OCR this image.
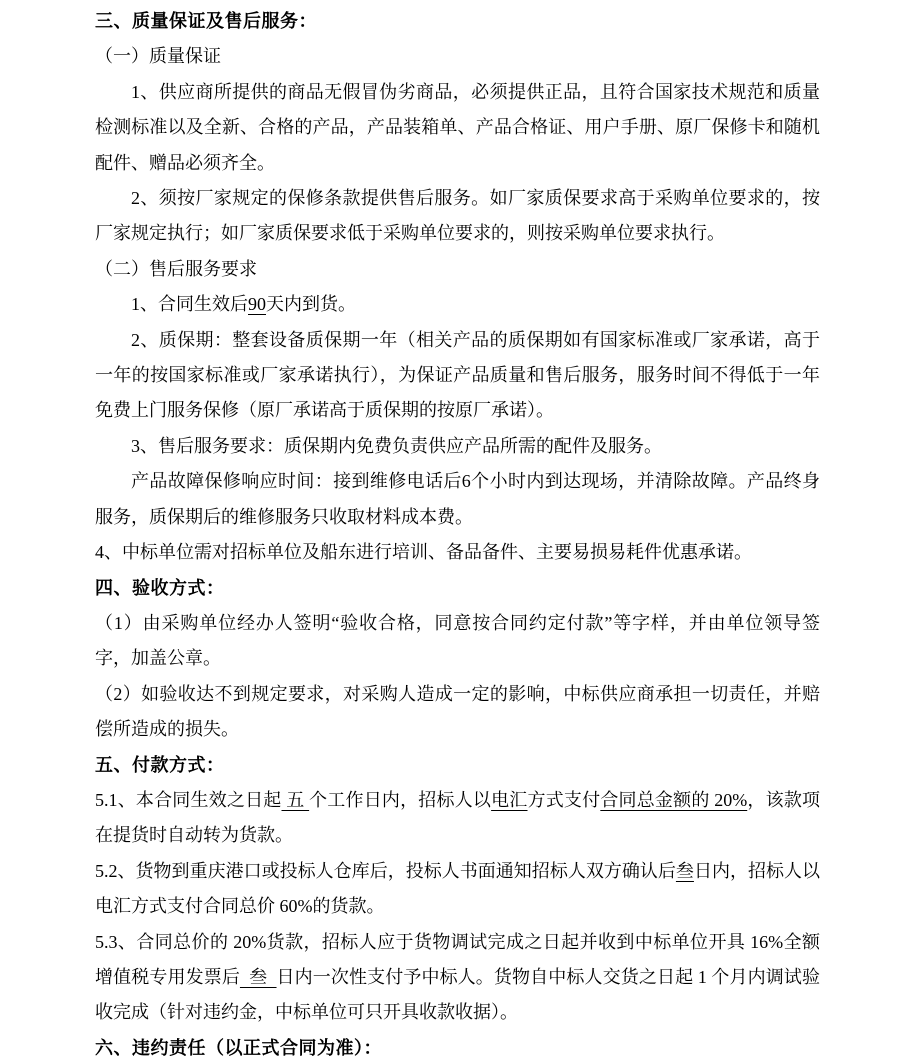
三、质量保证及售后服务：

（一）质量保证

1、供应商所提供的商品无假冒伪劣商品，必须提供正品，且符合国家技术规范和质量检测标准以及全新、合格的产品，产品装箱单、产品合格证、用户手册、原厂保修卡和随机配件、赠品必须齐全。

2、须按厂家规定的保修条款提供售后服务。如厂家质保要求高于采购单位要求的，按厂家规定执行；如厂家质保要求低于采购单位要求的，则按采购单位要求执行。

（二）售后服务要求

1、合同生效后90天内到货。

2、质保期：整套设备质保期一年（相关产品的质保期如有国家标准或厂家承诺，高于一年的按国家标准或厂家承诺执行），为保证产品质量和售后服务，服务时间不得低于一年免费上门服务保修（原厂承诺高于质保期的按原厂承诺）。

3、售后服务要求：质保期内免费负责供应产品所需的配件及服务。

产品故障保修响应时间：接到维修电话后6个小时内到达现场，并清除故障。产品终身服务，质保期后的维修服务只收取材料成本费。

4、中标单位需对招标单位及船东进行培训、备品备件、主要易损易耗件优惠承诺。

四、验收方式：

（1）由采购单位经办人签明“验收合格，同意按合同约定付款”等字样，并由单位领导签字，加盖公章。

（2）如验收达不到规定要求，对采购人造成一定的影响，中标供应商承担一切责任，并赔偿所造成的损失。

五、付款方式：

5.1、本合同生效之日起 五 个工作日内，招标人以电汇方式支付合同总金额的 20%，该款项在提货时自动转为货款。

5.2、货物到重庆港口或投标人仓库后，投标人书面通知招标人双方确认后叁日内，招标人以电汇方式支付合同总价 60%的货款。

5.3、合同总价的 20%货款，招标人应于货物调试完成之日起并收到中标单位开具 16%全额增值税专用发票后  叁  日内一次性支付予中标人。货物自中标人交货之日起 1 个月内调试验收完成（针对违约金，中标单位可只开具收款收据）。

六、违约责任（以正式合同为准）：
